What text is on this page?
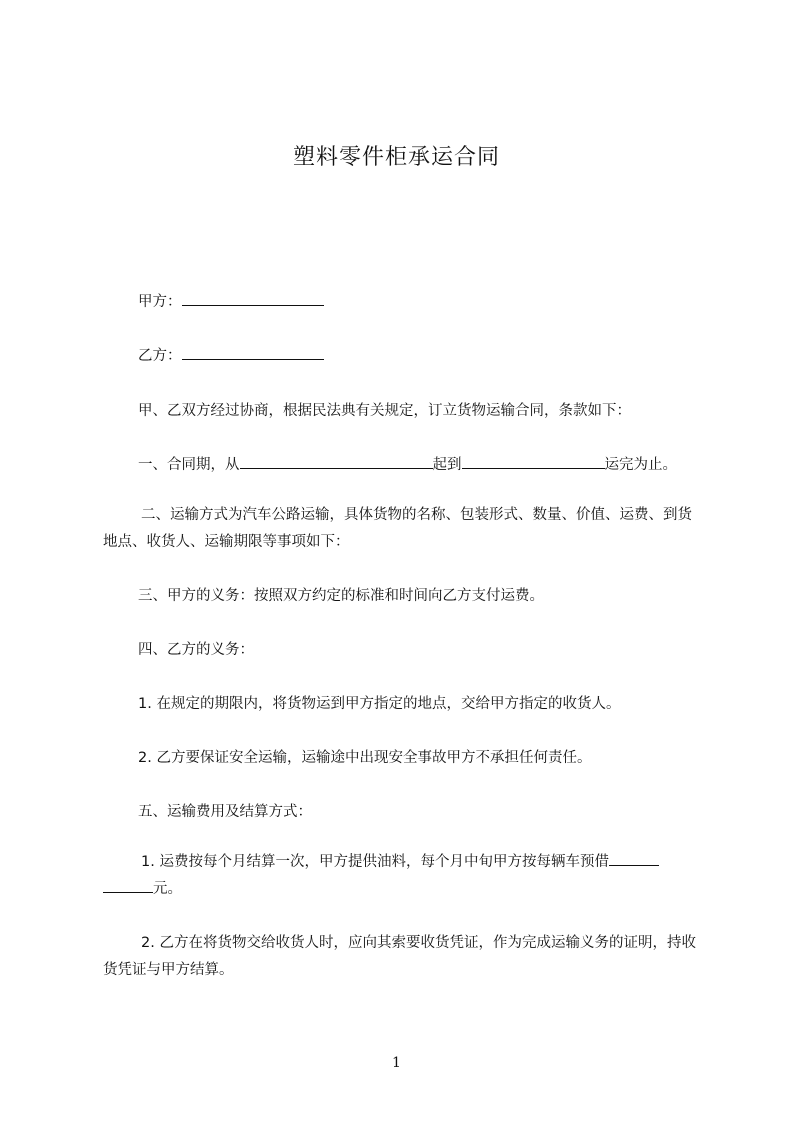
塑料零件柜承运合同
甲方：
乙方：
甲、乙双方经过协商，根据民法典有关规定，订立货物运输合同，条款如下：
一、合同期，从	起到	运完为止。
二、运输方式为汽车公路运输，具体货物的名称、包装形式、数量、价值、运费、到货地点、收货人、运输期限等事项如下：
三、甲方的义务：按照双方约定的标准和时间向乙方支付运费。
四、乙方的义务：
1. 在规定的期限内，将货物运到甲方指定的地点，交给甲方指定的收货人。
2. 乙方要保证安全运输，运输途中出现安全事故甲方不承担任何责任。
五、运输费用及结算方式：
1. 运费按每个月结算一次，甲方提供油料，每个月中旬甲方按每辆车预借
元。
2. 乙方在将货物交给收货人时，应向其索要收货凭证，作为完成运输义务的证明，持收货凭证与甲方结算。
1
